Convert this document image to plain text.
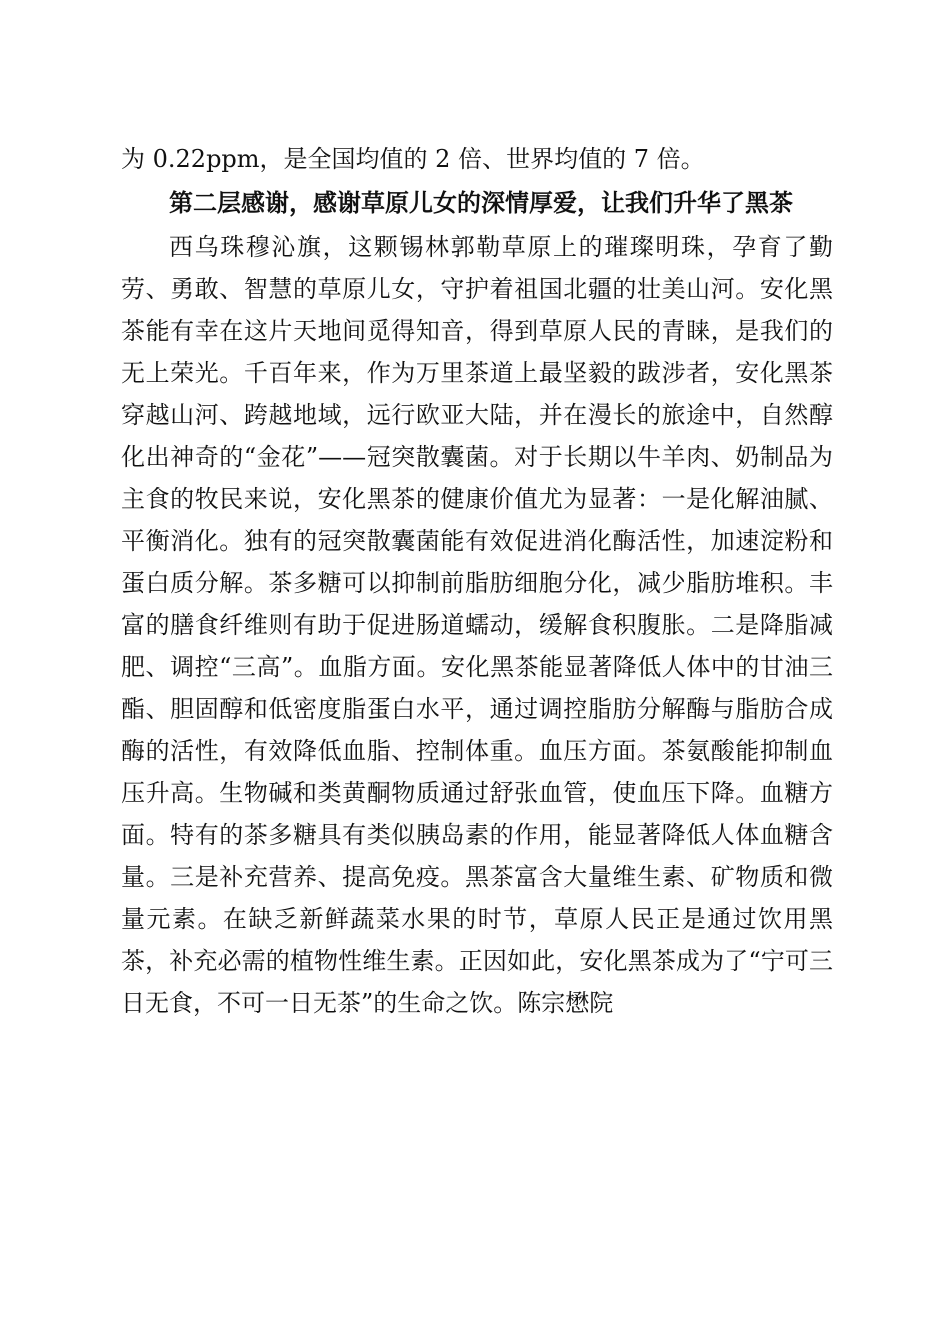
为 0.22ppm，是全国均值的 2 倍、世界均值的 7 倍。

第二层感谢，感谢草原儿女的深情厚爱，让我们升华了黑茶

西乌珠穆沁旗，这颗锡林郭勒草原上的璀璨明珠，孕育了勤劳、勇敢、智慧的草原儿女，守护着祖国北疆的壮美山河。安化黑茶能有幸在这片天地间觅得知音，得到草原人民的青睐，是我们的无上荣光。千百年来，作为万里茶道上最坚毅的跋涉者，安化黑茶穿越山河、跨越地域，远行欧亚大陆，并在漫长的旅途中，自然醇化出神奇的“金花”——冠突散囊菌。对于长期以牛羊肉、奶制品为主食的牧民来说，安化黑茶的健康价值尤为显著：一是化解油腻、平衡消化。独有的冠突散囊菌能有效促进消化酶活性，加速淀粉和蛋白质分解。茶多糖可以抑制前脂肪细胞分化，减少脂肪堆积。丰富的膳食纤维则有助于促进肠道蠕动，缓解食积腹胀。二是降脂减肥、调控“三高”。血脂方面。安化黑茶能显著降低人体中的甘油三酯、胆固醇和低密度脂蛋白水平，通过调控脂肪分解酶与脂肪合成酶的活性，有效降低血脂、控制体重。血压方面。茶氨酸能抑制血压升高。生物碱和类黄酮物质通过舒张血管，使血压下降。血糖方面。特有的茶多糖具有类似胰岛素的作用，能显著降低人体血糖含量。三是补充营养、提高免疫。黑茶富含大量维生素、矿物质和微量元素。在缺乏新鲜蔬菜水果的时节，草原人民正是通过饮用黑茶，补充必需的植物性维生素。正因如此，安化黑茶成为了“宁可三日无食，不可一日无茶”的生命之饮。陈宗懋院
